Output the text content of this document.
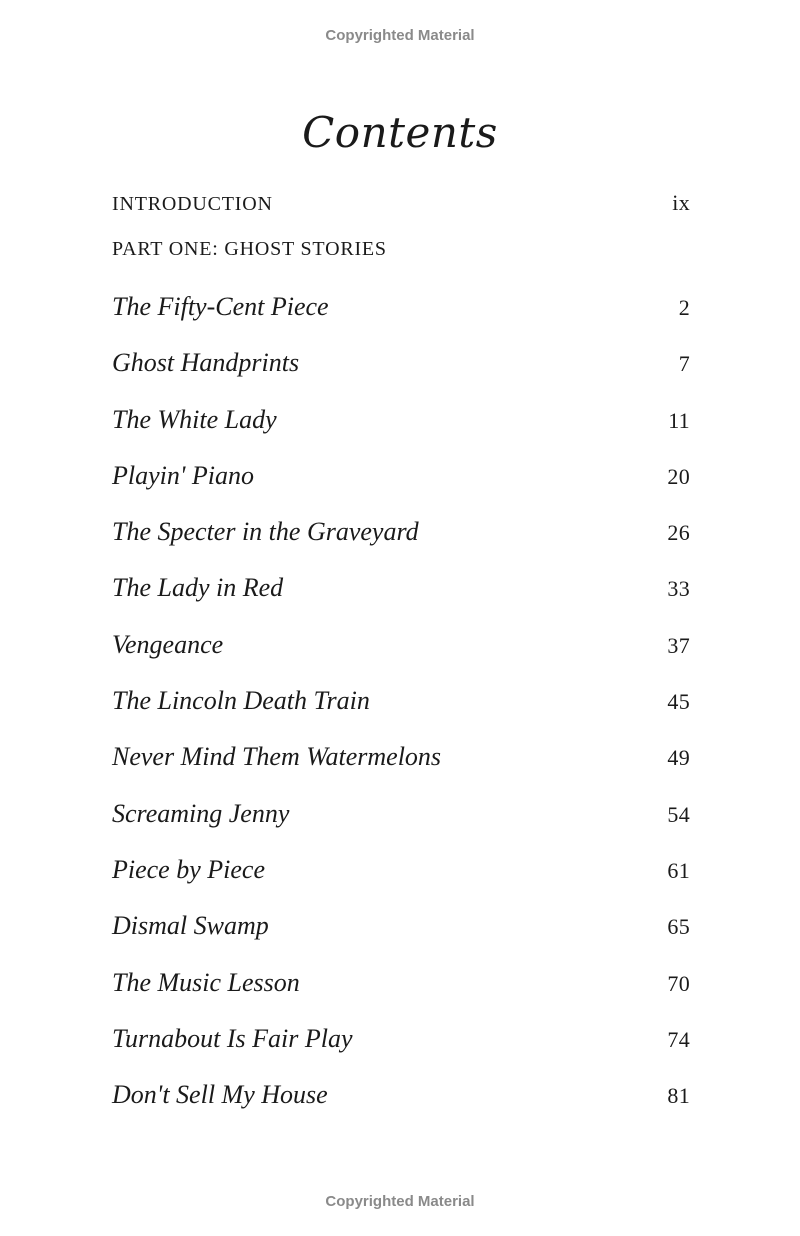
Copyrighted Material
Contents
INTRODUCTION	ix
PART ONE: GHOST STORIES
The Fifty-Cent Piece	2
Ghost Handprints	7
The White Lady	11
Playin' Piano	20
The Specter in the Graveyard	26
The Lady in Red	33
Vengeance	37
The Lincoln Death Train	45
Never Mind Them Watermelons	49
Screaming Jenny	54
Piece by Piece	61
Dismal Swamp	65
The Music Lesson	70
Turnabout Is Fair Play	74
Don't Sell My House	81
Copyrighted Material
